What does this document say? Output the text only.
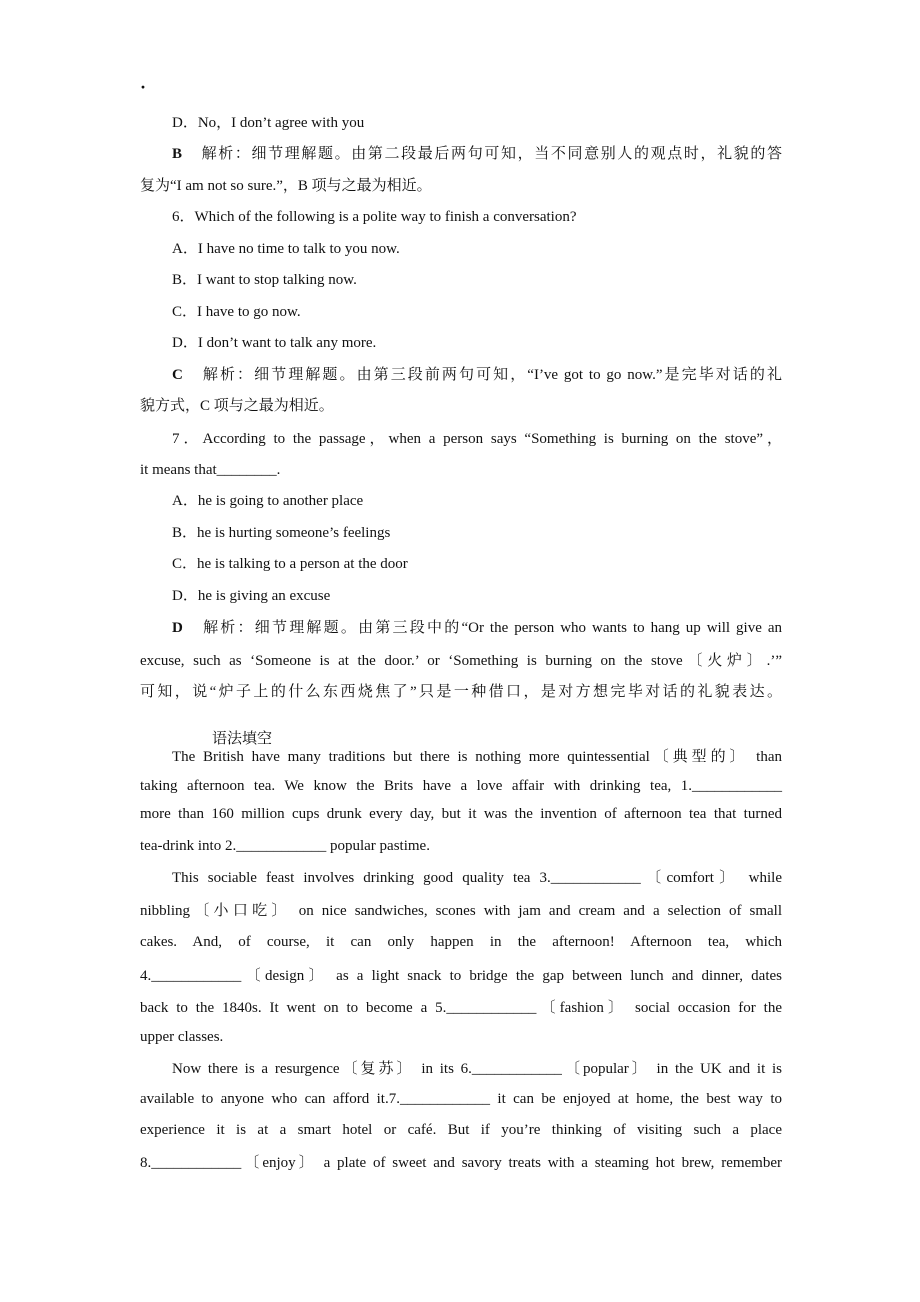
·
D．No，I don’t agree with you
B 解析：细节理解题。由第二段最后两句可知，当不同意别人的观点时，礼貌的答
复为“I am not so sure.”，B 项与之最为相近。
6．Which of the following is a polite way to finish a conversation?
A．I have no time to talk to you now.
B．I want to stop talking now.
C．I have to go now.
D．I don’t want to talk any more.
C 解析：细节理解题。由第三段前两句可知，“I’ve got to go now.”是完毕对话的礼
貌方式，C 项与之最为相近。
7．According to the passage，when a person says “Something is burning on the stove”，
it means that________.
A．he is going to another place
B．he is hurting someone’s feelings
C．he is talking to a person at the door
D．he is giving an excuse
D 解析：细节理解题。由第三段中的“Or the person who wants to hang up will give an
excuse, such as ‘Someone is at the door.’ or ‘Something is burning on the stove〔火炉〕.’”
可知，说“炉子上的什么东西烧焦了”只是一种借口，是对方想完毕对话的礼貌表达。
语法填空
The British have many traditions but there is nothing more quintessential〔典型的〕 than
taking afternoon tea. We know the Brits have a love affair with drinking tea, 1.____________
more than 160 million cups drunk every day, but it was the invention of afternoon tea that turned
tea-drink into 2.____________ popular pastime.
This sociable feast involves drinking good quality tea 3.____________〔comfort〕 while
nibbling〔小口吃〕 on nice sandwiches, scones with jam and cream and a selection of small
cakes. And, of course, it can only happen in the afternoon! Afternoon tea, which
4.____________〔design〕 as a light snack to bridge the gap between lunch and dinner, dates
back to the 1840s. It went on to become a 5.____________〔fashion〕 social occasion for the
upper classes.
Now there is a resurgence〔复苏〕 in its 6.____________〔popular〕 in the UK and it is
available to anyone who can afford it.7.____________ it can be enjoyed at home, the best way to
experience it is at a smart hotel or café. But if you’re thinking of visiting such a place
8.____________〔enjoy〕 a plate of sweet and savory treats with a steaming hot brew, remember
